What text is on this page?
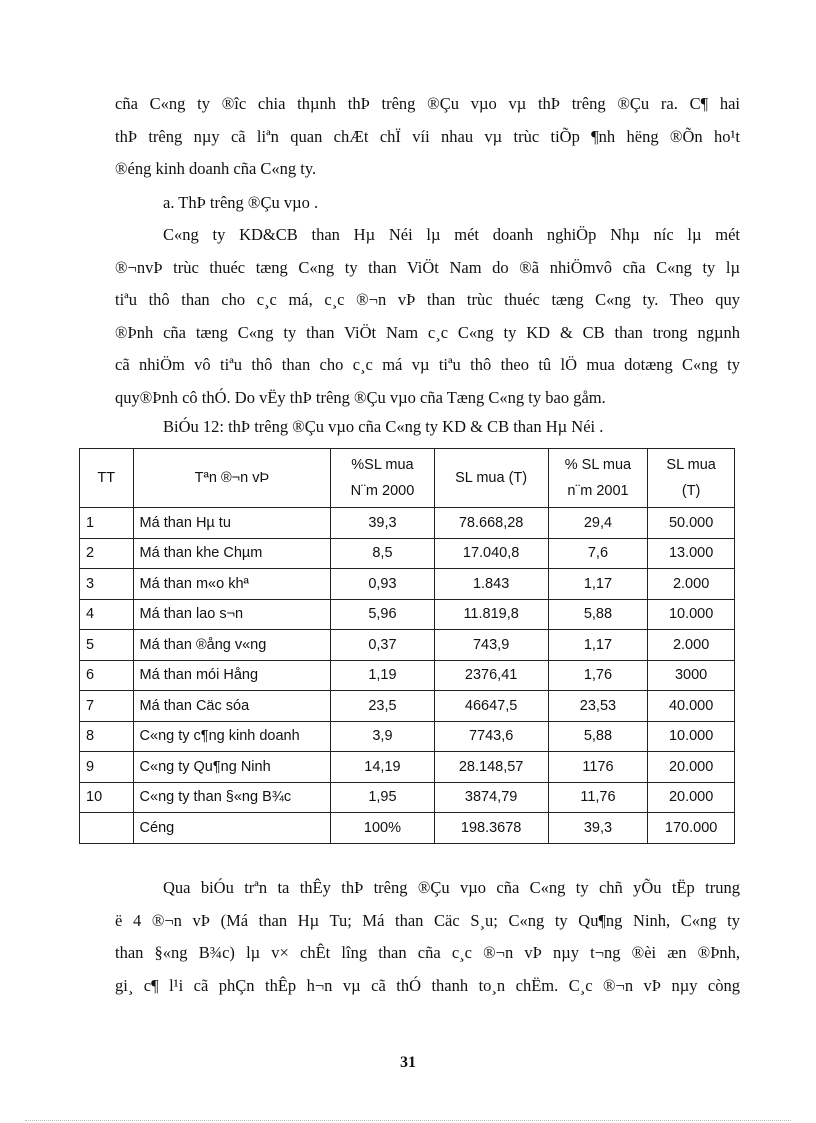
cña C«ng ty ®îc chia thµnh thÞ trêng ®Çu vµo vµ thÞ trêng ®Çu ra. C¶ hai
thÞ trêng nµy cã liªn quan chÆt chÏ víi nhau vµ trùc tiÕp ¶nh hëng ®Õn ho¹t
®éng kinh doanh cña C«ng ty.

a. ThÞ trêng ®Çu vµo .

C«ng ty KD&CB than Hµ Néi lµ mét doanh nghiÖp Nhµ níc lµ mét
®¬nvÞ trùc thuéc tæng C«ng ty than ViÖt Nam do ®ã nhiÖmvô cña C«ng ty lµ
tiªu thô than cho c¸c má, c¸c ®¬n vÞ than trùc thuéc tæng C«ng ty. Theo quy
®Þnh cña tæng C«ng ty than ViÖt Nam c¸c C«ng ty KD & CB than trong ngµnh
cã nhiÖm vô tiªu thô than cho c¸c má vµ tiªu thô theo tû lÖ mua dotæng C«ng ty
quy®Þnh cô thÓ. Do vËy thÞ trêng ®Çu vµo cña Tæng C«ng ty bao gåm.

BiÓu 12: thÞ trêng ®Çu vµo cña C«ng ty KD & CB than Hµ Néi .

TT	Tªn ®¬n vÞ	%SL mua
N¨m 2000	SL mua (T)	% SL mua
n¨m 2001	SL mua
(T)
1	Má than Hµ tu	39,3	78.668,28	29,4	50.000
2	Má than khe Chµm	8,5	17.040,8	7,6	13.000
3	Má than m«o khª	0,93	1.843	1,17	2.000
4	Má than lao s¬n	5,96	11.819,8	5,88	10.000
5	Má than ®ång v«ng	0,37	743,9	1,17	2.000
6	Má than mói Hång	1,19	2376,41	1,76	3000
7	Má than Cäc sóa	23,5	46647,5	23,53	40.000
8	C«ng ty c¶ng kinh doanh	3,9	7743,6	5,88	10.000
9	C«ng ty Qu¶ng Ninh	14,19	28.148,57	1176	20.000
10	C«ng ty than §«ng B¾c	1,95	3874,79	11,76	20.000
	Céng	100%	198.3678	39,3	170.000
Qua biÓu trªn ta thÊy thÞ trêng ®Çu vµo cña C«ng ty chñ yÕu tËp trung
ë 4 ®¬n vÞ (Má than Hµ Tu; Má than Cäc S¸u; C«ng ty Qu¶ng Ninh, C«ng ty
than §«ng B¾c) lµ v× chÊt lîng than cña c¸c ®¬n vÞ nµy t¬ng ®èi æn ®Þnh,
gi¸ c¶ l¹i cã phÇn thÊp h¬n vµ cã thÓ thanh to¸n chËm. C¸c ®¬n vÞ nµy còng

31
